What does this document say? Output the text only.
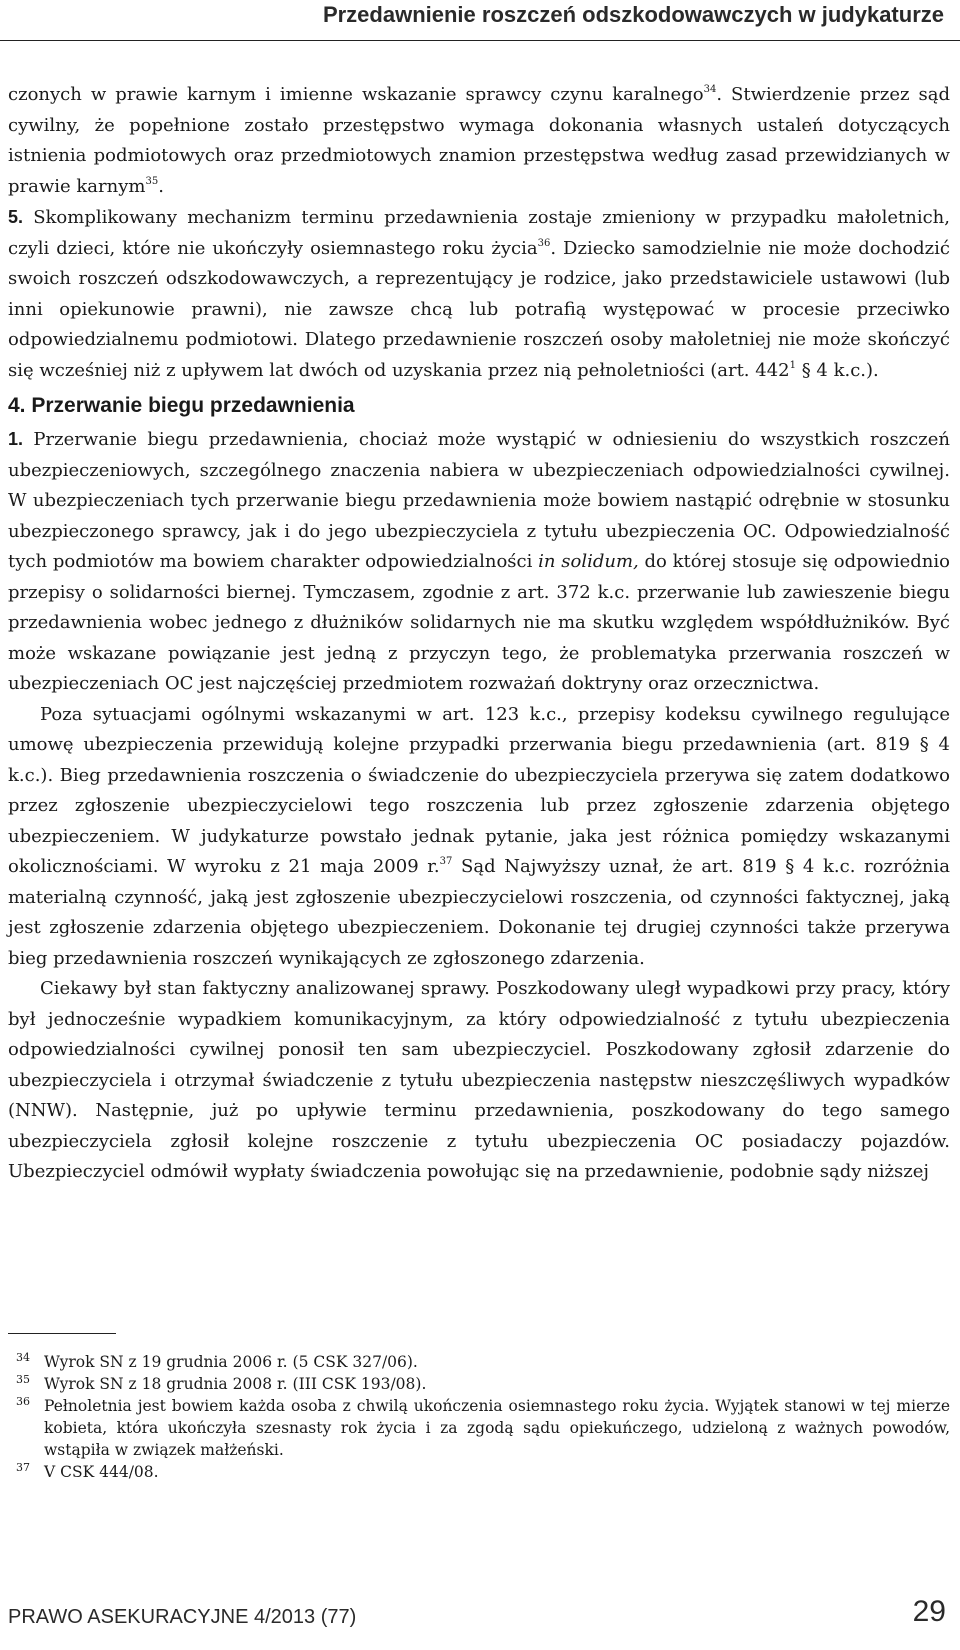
Przedawnienie roszczeń odszkodowawczych w judykaturze

czonych w prawie karnym i imienne wskazanie sprawcy czynu karalnego$^{34}$. Stwierdzenie przez sąd cywilny, że popełnione zostało przestępstwo wymaga dokonania własnych ustaleń dotyczących istnienia podmiotowych oraz przedmiotowych znamion przestępstwa według zasad przewidzianych w prawie karnym$^{35}$.

5. Skomplikowany mechanizm terminu przedawnienia zostaje zmieniony w przypadku małoletnich, czyli dzieci, które nie ukończyły osiemnastego roku życia$^{36}$. Dziecko samodzielnie nie może dochodzić swoich roszczeń odszkodowawczych, a reprezentujący je rodzice, jako przedstawiciele ustawowi (lub inni opiekunowie prawni), nie zawsze chcą lub potrafią występować w procesie przeciwko odpowiedzialnemu podmiotowi. Dlatego przedawnienie roszczeń osoby małoletniej nie może skończyć się wcześniej niż z upływem lat dwóch od uzyskania przez nią pełnoletniości (art. $442^1$ § 4 k.c.).

4. Przerwanie biegu przedawnienia

1. Przerwanie biegu przedawnienia, chociaż może wystąpić w odniesieniu do wszystkich roszczeń ubezpieczeniowych, szczególnego znaczenia nabiera w ubezpieczeniach odpowiedzialności cywilnej. W ubezpieczeniach tych przerwanie biegu przedawnienia może bowiem nastąpić odrębnie w stosunku ubezpieczonego sprawcy, jak i do jego ubezpieczyciela z tytułu ubezpieczenia OC. Odpowiedzialność tych podmiotów ma bowiem charakter odpowiedzialności in solidum, do której stosuje się odpowiednio przepisy o solidarności biernej. Tymczasem, zgodnie z art. 372 k.c. przerwanie lub zawieszenie biegu przedawnienia wobec jednego z dłużników solidarnych nie ma skutku względem współdłużników. Być może wskazane powiązanie jest jedną z przyczyn tego, że problematyka przerwania roszczeń w ubezpieczeniach OC jest najczęściej przedmiotem rozważań doktryny oraz orzecznictwa.

Poza sytuacjami ogólnymi wskazanymi w art. 123 k.c., przepisy kodeksu cywilnego regulujące umowę ubezpieczenia przewidują kolejne przypadki przerwania biegu przedawnienia (art. 819 § 4 k.c.). Bieg przedawnienia roszczenia o świadczenie do ubezpieczyciela przerywa się zatem dodatkowo przez zgłoszenie ubezpieczycielowi tego roszczenia lub przez zgłoszenie zdarzenia objętego ubezpieczeniem. W judykaturze powstało jednak pytanie, jaka jest różnica pomiędzy wskazanymi okolicznościami. W wyroku z 21 maja 2009 r.$^{37}$ Sąd Najwyższy uznał, że art. 819 § 4 k.c. rozróżnia materialną czynność, jaką jest zgłoszenie ubezpieczycielowi roszczenia, od czynności faktycznej, jaką jest zgłoszenie zdarzenia objętego ubezpieczeniem. Dokonanie tej drugiej czynności także przerywa bieg przedawnienia roszczeń wynikających ze zgłoszonego zdarzenia.

Ciekawy był stan faktyczny analizowanej sprawy. Poszkodowany uległ wypadkowi przy pracy, który był jednocześnie wypadkiem komunikacyjnym, za który odpowiedzialność z tytułu ubezpieczenia odpowiedzialności cywilnej ponosił ten sam ubezpieczyciel. Poszkodowany zgłosił zdarzenie do ubezpieczyciela i otrzymał świadczenie z tytułu ubezpieczenia następstw nieszczęśliwych wypadków (NNW). Następnie, już po upływie terminu przedawnienia, poszkodowany do tego samego ubezpieczyciela zgłosił kolejne roszczenie z tytułu ubezpieczenia OC posiadaczy pojazdów. Ubezpieczyciel odmówił wypłaty świadczenia powołując się na przedawnienie, podobnie sądy niższej

34 Wyrok SN z 19 grudnia 2006 r. (5 CSK 327/06).
35 Wyrok SN z 18 grudnia 2008 r. (III CSK 193/08).
36 Pełnoletnia jest bowiem każda osoba z chwilą ukończenia osiemnastego roku życia. Wyjątek stanowi w tej mierze kobieta, która ukończyła szesnasty rok życia i za zgodą sądu opiekuńczego, udzieloną z ważnych powodów, wstąpiła w związek małżeński.
37 V CSK 444/08.
PRAWO ASEKURACYJNE 4/2013 (77)	29
